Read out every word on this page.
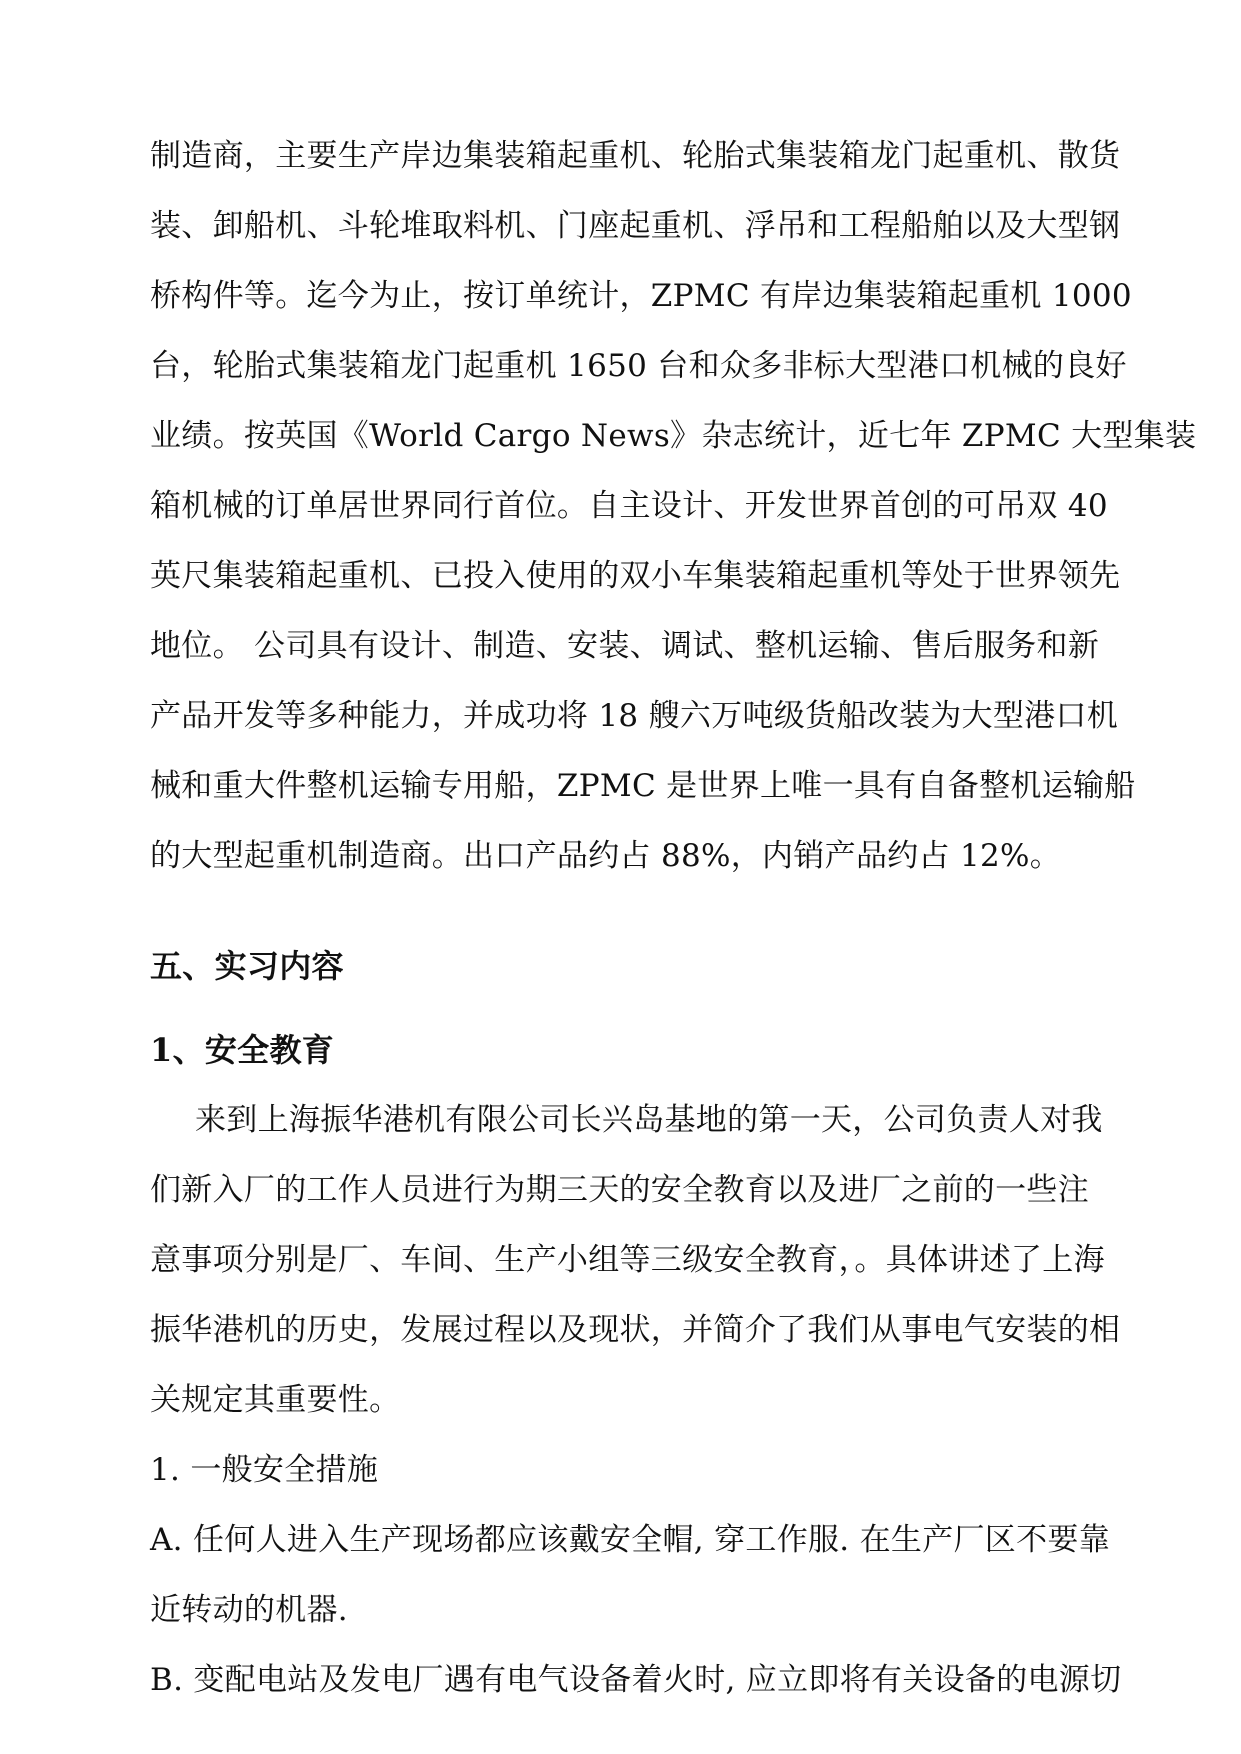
制造商，主要生产岸边集装箱起重机、轮胎式集装箱龙门起重机、散货
装、卸船机、斗轮堆取料机、门座起重机、浮吊和工程船舶以及大型钢
桥构件等。迄今为止，按订单统计，ZPMC 有岸边集装箱起重机 1000
台，轮胎式集装箱龙门起重机 1650 台和众多非标大型港口机械的良好
业绩。按英国《World Cargo News》杂志统计，近七年 ZPMC 大型集装
箱机械的订单居世界同行首位。自主设计、开发世界首创的可吊双 40
英尺集装箱起重机、已投入使用的双小车集装箱起重机等处于世界领先
地位。 公司具有设计、制造、安装、调试、整机运输、售后服务和新
产品开发等多种能力，并成功将 18 艘六万吨级货船改装为大型港口机
械和重大件整机运输专用船，ZPMC 是世界上唯一具有自备整机运输船
的大型起重机制造商。出口产品约占 88%，内销产品约占 12%。
五、实习内容
1、安全教育
来到上海振华港机有限公司长兴岛基地的第一天，公司负责人对我
们新入厂的工作人员进行为期三天的安全教育以及进厂之前的一些注
意事项分别是厂、车间、生产小组等三级安全教育，。具体讲述了上海
振华港机的历史，发展过程以及现状，并简介了我们从事电气安装的相
关规定其重要性。
1. 一般安全措施
A. 任何人进入生产现场都应该戴安全帽, 穿工作服. 在生产厂区不要靠
近转动的机器.
B. 变配电站及发电厂遇有电气设备着火时, 应立即将有关设备的电源切
